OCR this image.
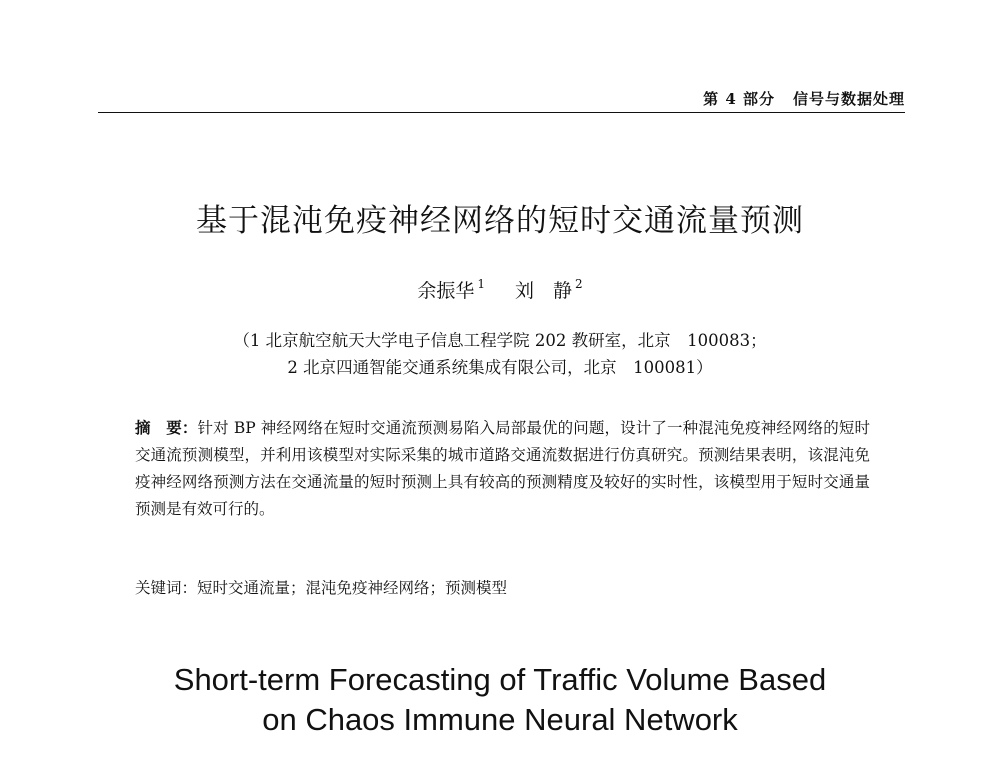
第 4 部分 信号与数据处理
基于混沌免疫神经网络的短时交通流量预测
余振华 $^1$ 刘　静 $^2$
（1 北京航空航天大学电子信息工程学院 202 教研室，北京　100083；
2 北京四通智能交通系统集成有限公司，北京　100081）
摘　要：针对 BP 神经网络在短时交通流预测易陷入局部最优的问题，设计了一种混沌免疫神经网络的短时交通流预测模型，并利用该模型对实际采集的城市道路交通流数据进行仿真研究。预测结果表明，该混沌免疫神经网络预测方法在交通流量的短时预测上具有较高的预测精度及较好的实时性，该模型用于短时交通量预测是有效可行的。
关键词：短时交通流量；混沌免疫神经网络；预测模型
Short-term Forecasting of Traffic Volume Based
on Chaos Immune Neural Network
